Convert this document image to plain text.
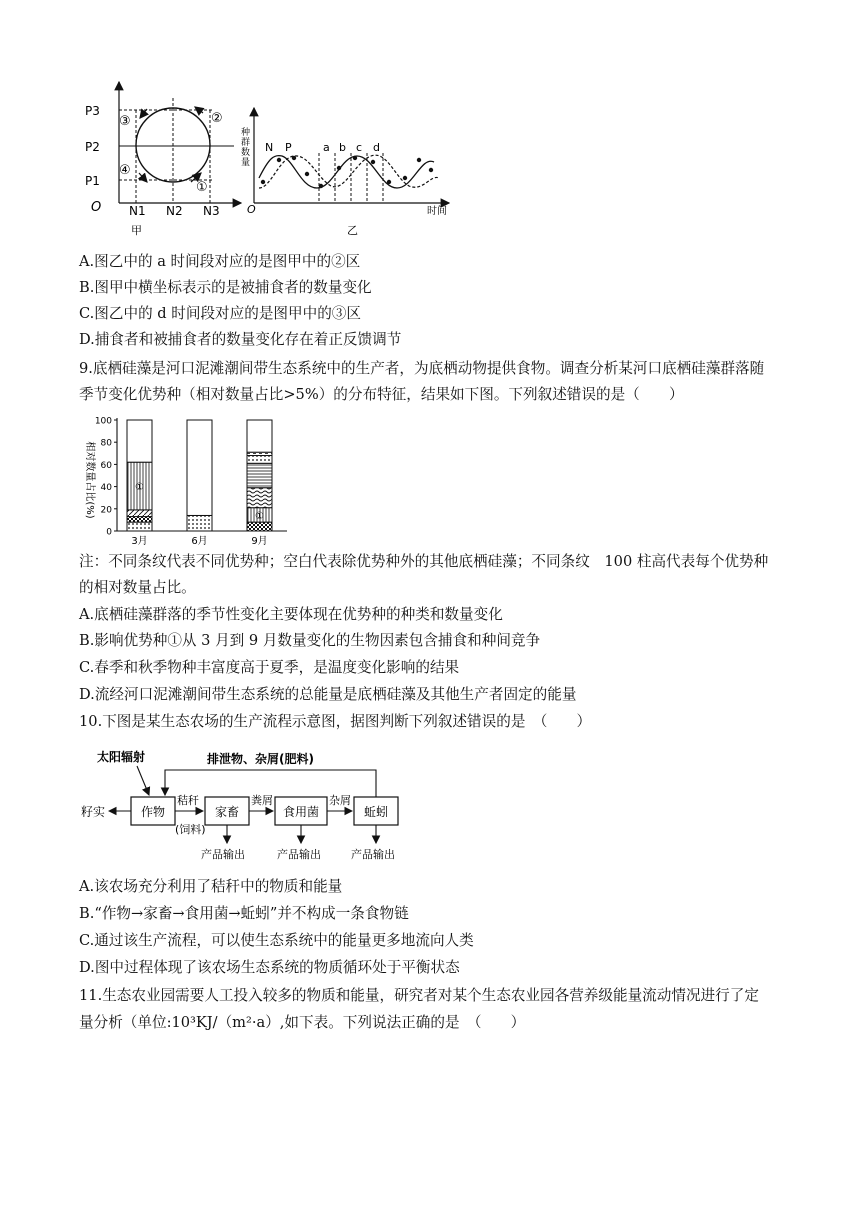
P3
P2
P1
O N1 N2 N3
①
②
③
④
甲
种
群
数
量
O	时间
乙
N P	a b c d
A.图乙中的 a 时间段对应的是图甲中的②区
B.图甲中横坐标表示的是被捕食者的数量变化
C.图乙中的 d 时间段对应的是图甲中的③区
D.捕食者和被捕食者的数量变化存在着正反馈调节
9.底栖硅藻是河口泥滩潮间带生态系统中的生产者，为底栖动物提供食物。调查分析某河口底栖硅藻群落随
季节变化优势种（相对数量占比>5%）的分布特征，结果如下图。下列叙述错误的是（　　）
相对数量占比(%)
0
20
40
60
80
100
①
①
3月	6月	9月
注：不同条纹代表不同优势种；空白代表除优势种外的其他底栖硅藻；不同条纹　100 柱高代表每个优势种
的相对数量占比。
A.底栖硅藻群落的季节性变化主要体现在优势种的种类和数量变化
B.影响优势种①从 3 月到 9 月数量变化的生物因素包含捕食和种间竞争
C.春季和秋季物种丰富度高于夏季，是温度变化影响的结果
D.流经河口泥滩潮间带生态系统的总能量是底栖硅藻及其他生产者固定的能量
10.下图是某生态农场的生产流程示意图，据图判断下列叙述错误的是　（　　）
作物	家畜	食用菌	蚯蚓
太阳辐射	排泄物、杂屑(肥料)
籽实
秸秆
(饲料)
粪屑	杂屑
产品输出	产品输出	产品输出
A.该农场充分利用了秸秆中的物质和能量
B.“作物→家畜→食用菌→蚯蚓”并不构成一条食物链
C.通过该生产流程，可以使生态系统中的能量更多地流向人类
D.图中过程体现了该农场生态系统的物质循环处于平衡状态
11.生态农业园需要人工投入较多的物质和能量，研究者对某个生态农业园各营养级能量流动情况进行了定
量分析（单位:10³KJ/（m²·a）,如下表。下列说法正确的是　（　　）
